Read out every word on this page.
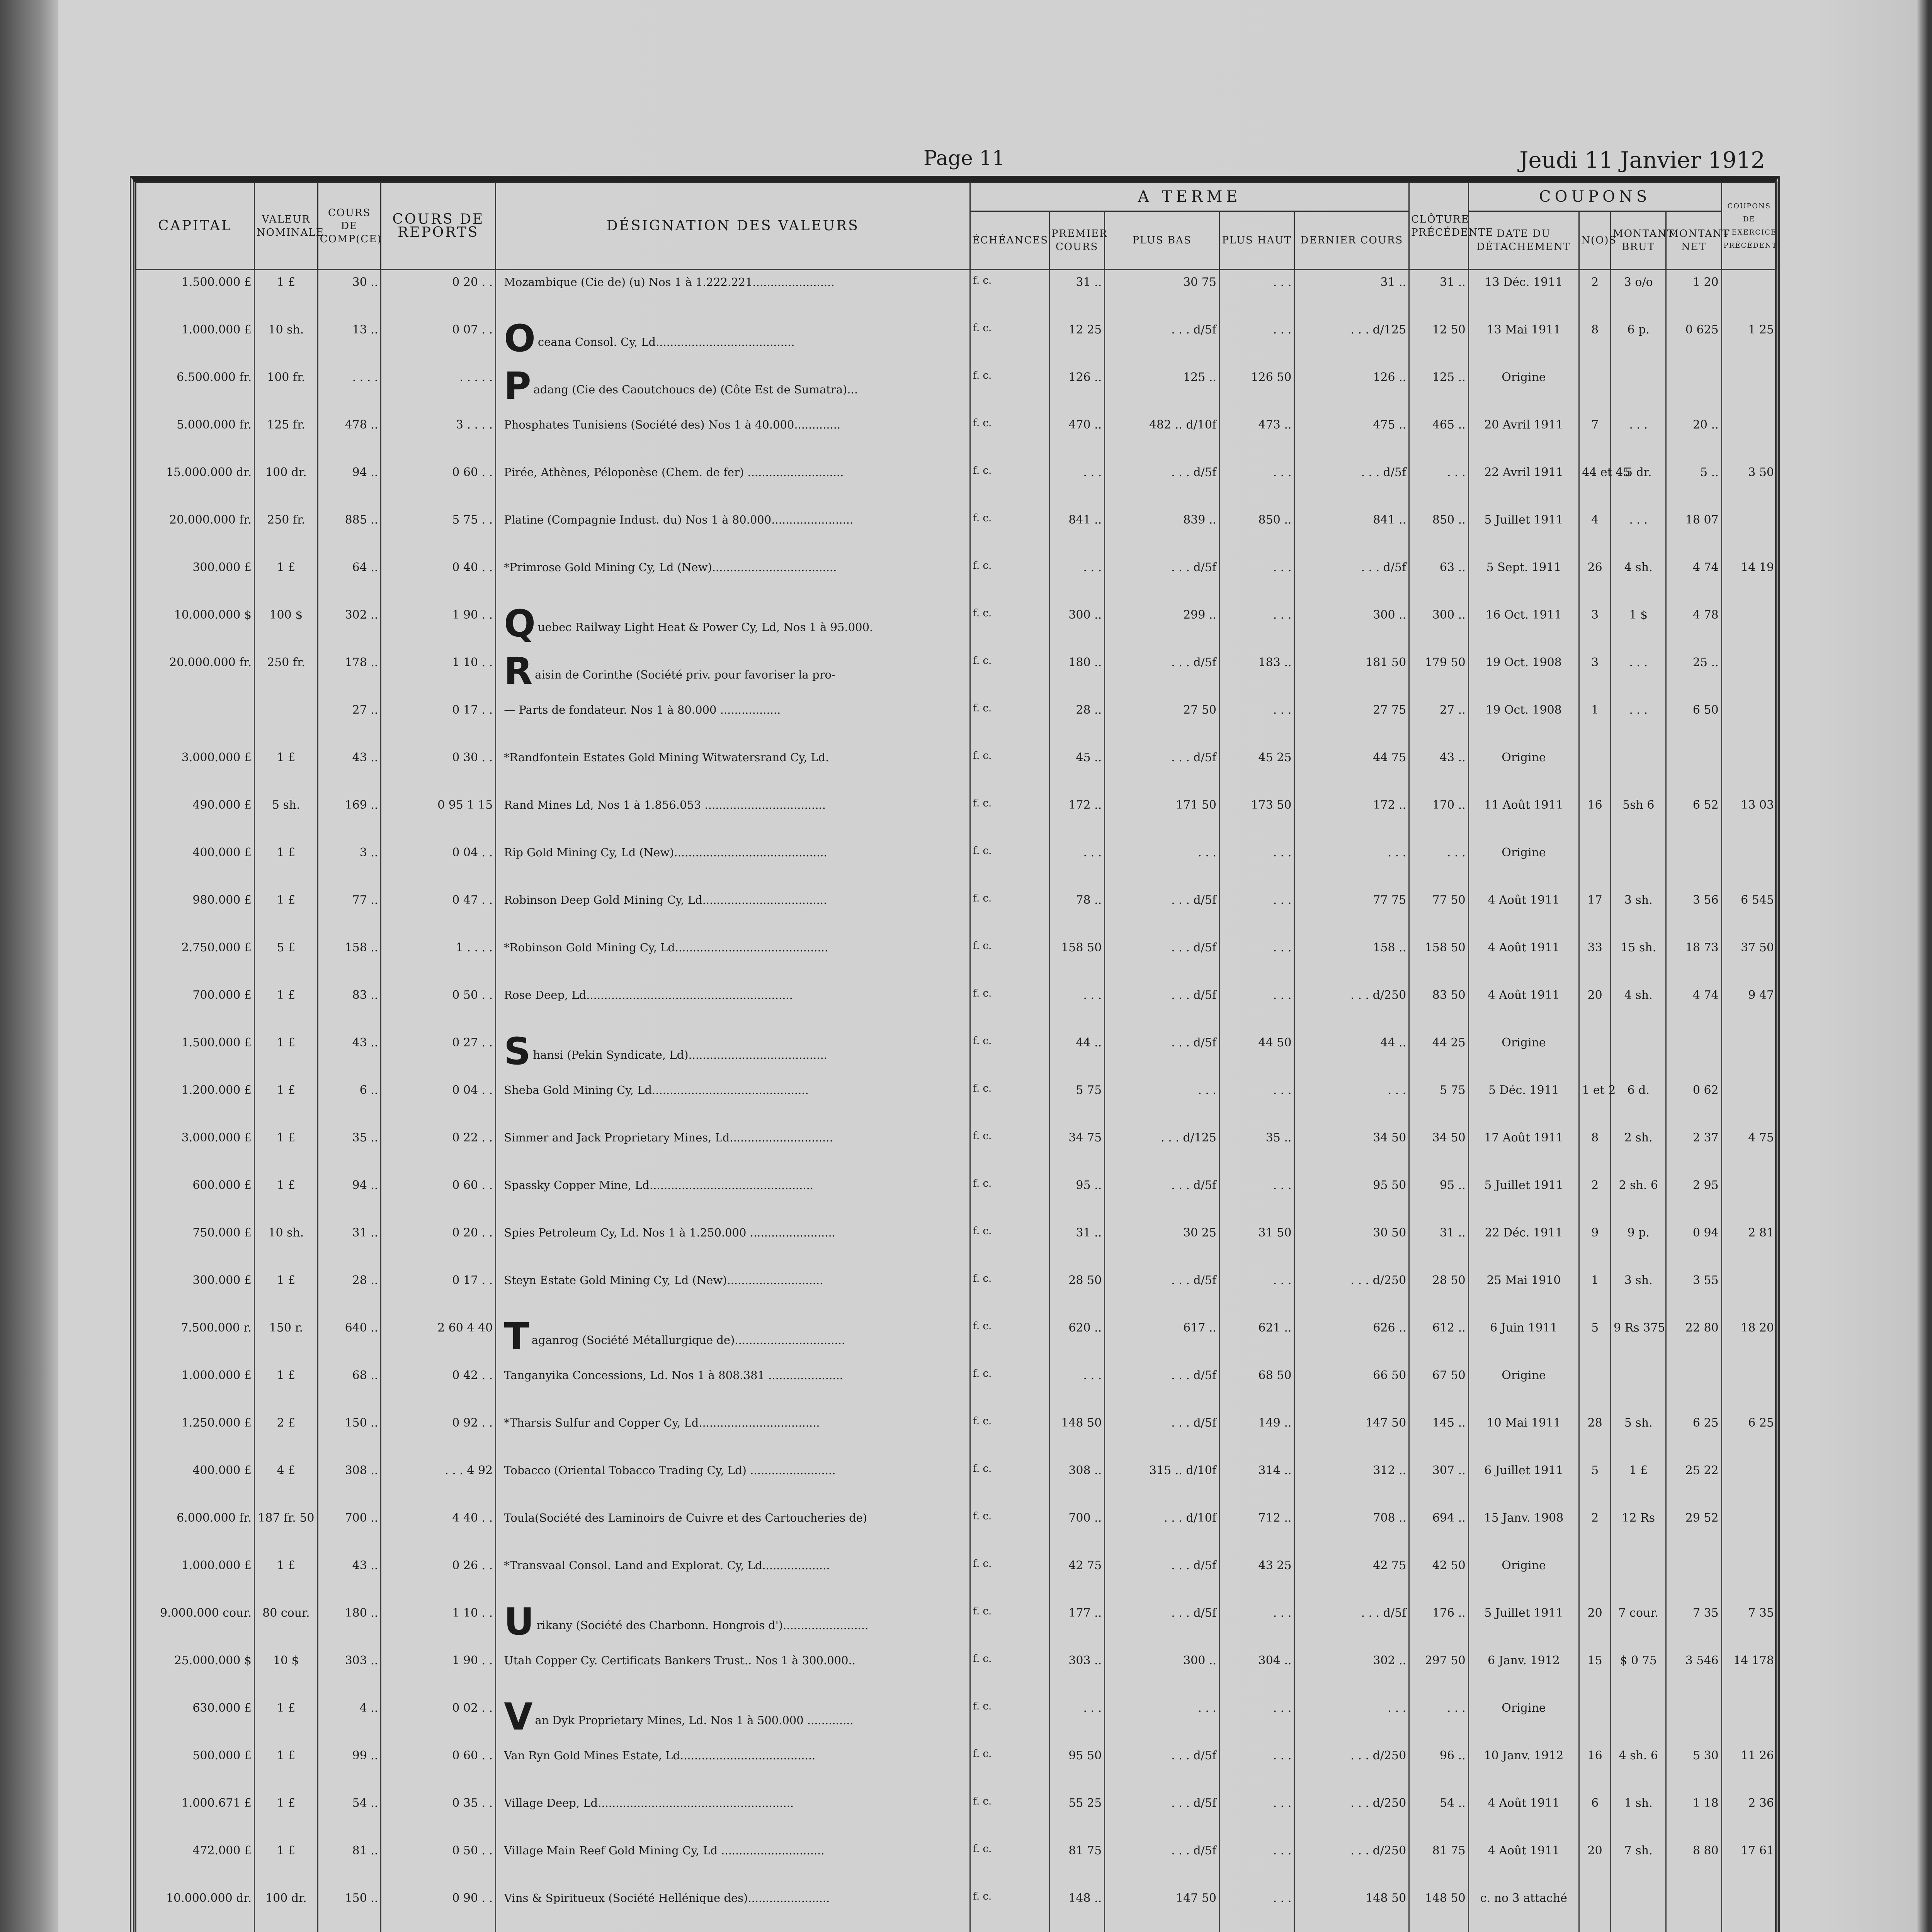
Page 11	Jeudi 11 Janvier 1912
CAPITAL	VALEUR NOMINALE	COURS DE COMP(CE)	COURS DE REPORTS	DÉSIGNATION DES VALEURS	A TERME					CLÔTURE PRÉCÉDENTE	COUPONS				COUPONS DE L'EXERCICE PRÉCÉDENT
					ÉCHÉANCES	PREMIER COURS	PLUS BAS	PLUS HAUT	DERNIER COURS		DATE DU DÉTACHEMENT	N(O)S	MONTANT BRUT	MONTANT NET	
1.500.000 £	1 £	30 ..	0 20 . .	Mozambique (Cie de) (u) Nos 1 à 1.222.221.......................	f. c.	31 ..	30 75	. . .	31 ..	31 ..	13 Déc. 1911	2	3 o/o	1 20	
1.000.000 £	10 sh.	13 ..	0 07 . .	O ceana Consol. Cy, Ld.......................................	f. c.	12 25	. . . d/5f	. . .	. . . d/125	12 50	13 Mai 1911	8	6 p.	0 625	1 25
6.500.000 fr.	100 fr.	. . . .	. . . . .	P adang (Cie des Caoutchoucs de) (Côte Est de Sumatra)...	f. c.	126 ..	125 ..	126 50	126 ..	125 ..	Origine				
5.000.000 fr.	125 fr.	478 ..	3 . . . .	Phosphates Tunisiens (Société des) Nos 1 à 40.000.............	f. c.	470 ..	482 .. d/10f	473 ..	475 ..	465 ..	20 Avril 1911	7	. . .	20 ..	
15.000.000 dr.	100 dr.	94 ..	0 60 . .	Pirée, Athènes, Péloponèse (Chem. de fer) ...........................	f. c.	. . .	. . . d/5f	. . .	. . . d/5f	. . .	22 Avril 1911	44 et 45	5 dr.	5 ..	3 50
20.000.000 fr.	250 fr.	885 ..	5 75 . .	Platine (Compagnie Indust. du) Nos 1 à 80.000.......................	f. c.	841 ..	839 ..	850 ..	841 ..	850 ..	5 Juillet 1911	4	. . .	18 07	
300.000 £	1 £	64 ..	0 40 . .	*Primrose Gold Mining Cy, Ld (New)...................................	f. c.	. . .	. . . d/5f	. . .	. . . d/5f	63 ..	5 Sept. 1911	26	4 sh.	4 74	14 19
10.000.000 $	100 $	302 ..	1 90 . .	Q uebec Railway Light Heat & Power Cy, Ld, Nos 1 à 95.000.	f. c.	300 ..	299 ..	. . .	300 ..	300 ..	16 Oct. 1911	3	1 $	4 78	
20.000.000 fr.	250 fr.	178 ..	1 10 . .	R aisin de Corinthe (Société priv. pour favoriser la pro-	f. c.	180 ..	. . . d/5f	183 ..	181 50	179 50	19 Oct. 1908	3	. . .	25 ..	
		27 ..	0 17 . .	— Parts de fondateur. Nos 1 à 80.000 .................	f. c.	28 ..	27 50	. . .	27 75	27 ..	19 Oct. 1908	1	. . .	6 50	
3.000.000 £	1 £	43 ..	0 30 . .	*Randfontein Estates Gold Mining Witwatersrand Cy, Ld.	f. c.	45 ..	. . . d/5f	45 25	44 75	43 ..	Origine				
490.000 £	5 sh.	169 ..	0 95 1 15	Rand Mines Ld, Nos 1 à 1.856.053 ..................................	f. c.	172 ..	171 50	173 50	172 ..	170 ..	11 Août 1911	16	5sh 6	6 52	13 03
400.000 £	1 £	3 ..	0 04 . .	Rip Gold Mining Cy, Ld (New)...........................................	f. c.	. . .	. . .	. . .	. . .	. . .	Origine				
980.000 £	1 £	77 ..	0 47 . .	Robinson Deep Gold Mining Cy, Ld...................................	f. c.	78 ..	. . . d/5f	. . .	77 75	77 50	4 Août 1911	17	3 sh.	3 56	6 545
2.750.000 £	5 £	158 ..	1 . . . .	*Robinson Gold Mining Cy, Ld...........................................	f. c.	158 50	. . . d/5f	. . .	158 ..	158 50	4 Août 1911	33	15 sh.	18 73	37 50
700.000 £	1 £	83 ..	0 50 . .	Rose Deep, Ld..........................................................	f. c.	. . .	. . . d/5f	. . .	. . . d/250	83 50	4 Août 1911	20	4 sh.	4 74	9 47
1.500.000 £	1 £	43 ..	0 27 . .	S hansi (Pekin Syndicate, Ld).......................................	f. c.	44 ..	. . . d/5f	44 50	44 ..	44 25	Origine				
1.200.000 £	1 £	6 ..	0 04 . .	Sheba Gold Mining Cy, Ld............................................	f. c.	5 75	. . .	. . .	. . .	5 75	5 Déc. 1911	1 et 2	6 d.	0 62	
3.000.000 £	1 £	35 ..	0 22 . .	Simmer and Jack Proprietary Mines, Ld.............................	f. c.	34 75	. . . d/125	35 ..	34 50	34 50	17 Août 1911	8	2 sh.	2 37	4 75
600.000 £	1 £	94 ..	0 60 . .	Spassky Copper Mine, Ld..............................................	f. c.	95 ..	. . . d/5f	. . .	95 50	95 ..	5 Juillet 1911	2	2 sh. 6	2 95	
750.000 £	10 sh.	31 ..	0 20 . .	Spies Petroleum Cy, Ld. Nos 1 à 1.250.000 ........................	f. c.	31 ..	30 25	31 50	30 50	31 ..	22 Déc. 1911	9	9 p.	0 94	2 81
300.000 £	1 £	28 ..	0 17 . .	Steyn Estate Gold Mining Cy, Ld (New)...........................	f. c.	28 50	. . . d/5f	. . .	. . . d/250	28 50	25 Mai 1910	1	3 sh.	3 55	
7.500.000 r.	150 r.	640 ..	2 60 4 40	T aganrog (Société Métallurgique de)...............................	f. c.	620 ..	617 ..	621 ..	626 ..	612 ..	6 Juin 1911	5	9 Rs 375	22 80	18 20
1.000.000 £	1 £	68 ..	0 42 . .	Tanganyika Concessions, Ld. Nos 1 à 808.381 .....................	f. c.	. . .	. . . d/5f	68 50	66 50	67 50	Origine				
1.250.000 £	2 £	150 ..	0 92 . .	*Tharsis Sulfur and Copper Cy, Ld..................................	f. c.	148 50	. . . d/5f	149 ..	147 50	145 ..	10 Mai 1911	28	5 sh.	6 25	6 25
400.000 £	4 £	308 ..	. . . 4 92	Tobacco (Oriental Tobacco Trading Cy, Ld) ........................	f. c.	308 ..	315 .. d/10f	314 ..	312 ..	307 ..	6 Juillet 1911	5	1 £	25 22	
6.000.000 fr.	187 fr. 50	700 ..	4 40 . .	Toula(Société des Laminoirs de Cuivre et des Cartoucheries de)	f. c.	700 ..	. . . d/10f	712 ..	708 ..	694 ..	15 Janv. 1908	2	12 Rs	29 52	
1.000.000 £	1 £	43 ..	0 26 . .	*Transvaal Consol. Land and Explorat. Cy, Ld...................	f. c.	42 75	. . . d/5f	43 25	42 75	42 50	Origine				
9.000.000 cour.	80 cour.	180 ..	1 10 . .	U rikany (Société des Charbonn. Hongrois d')........................	f. c.	177 ..	. . . d/5f	. . .	. . . d/5f	176 ..	5 Juillet 1911	20	7 cour.	7 35	7 35
25.000.000 $	10 $	303 ..	1 90 . .	Utah Copper Cy. Certificats Bankers Trust.. Nos 1 à 300.000..	f. c.	303 ..	300 ..	304 ..	302 ..	297 50	6 Janv. 1912	15	$ 0 75	3 546	14 178
630.000 £	1 £	4 ..	0 02 . .	V an Dyk Proprietary Mines, Ld. Nos 1 à 500.000 .............	f. c.	. . .	. . .	. . .	. . .	. . .	Origine				
500.000 £	1 £	99 ..	0 60 . .	Van Ryn Gold Mines Estate, Ld......................................	f. c.	95 50	. . . d/5f	. . .	. . . d/250	96 ..	10 Janv. 1912	16	4 sh. 6	5 30	11 26
1.000.671 £	1 £	54 ..	0 35 . .	Village Deep, Ld.......................................................	f. c.	55 25	. . . d/5f	. . .	. . . d/250	54 ..	4 Août 1911	6	1 sh.	1 18	2 36
472.000 £	1 £	81 ..	0 50 . .	Village Main Reef Gold Mining Cy, Ld .............................	f. c.	81 75	. . . d/5f	. . .	. . . d/250	81 75	4 Août 1911	20	7 sh.	8 80	17 61
10.000.000 dr.	100 dr.	150 ..	0 90 . .	Vins & Spiritueux (Société Hellénique des).......................	f. c.	148 ..	147 50	. . .	148 50	148 50	c. no 3 attaché				
